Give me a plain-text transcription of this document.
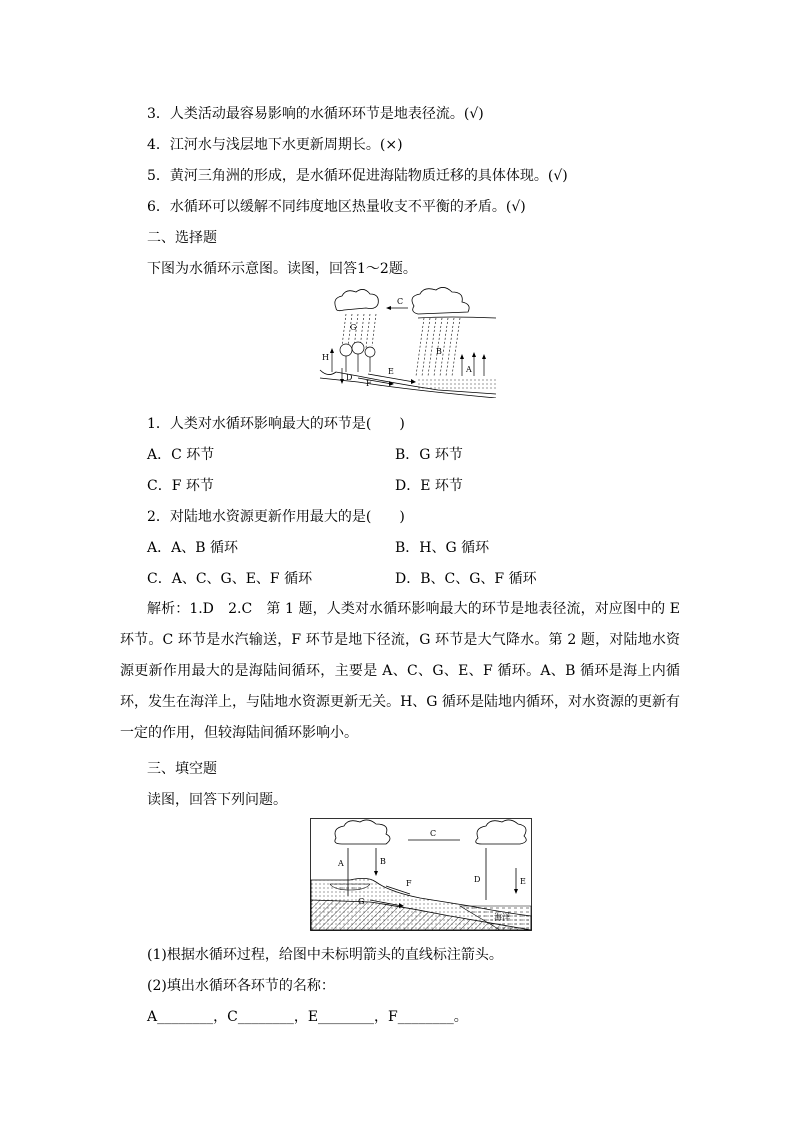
3．人类活动最容易影响的水循环环节是地表径流。(√)
4．江河水与浅层地下水更新周期长。(×)
5．黄河三角洲的形成，是水循环促进海陆物质迁移的具体体现。(√)
6．水循环可以缓解不同纬度地区热量收支不平衡的矛盾。(√)
二、选择题
下图为水循环示意图。读图，回答1～2题。
C
G
B
H
D
E
F
A
1．人类对水循环影响最大的环节是(　　)
A．C 环节	B．G 环节
C．F 环节	D．E 环节
2．对陆地水资源更新作用最大的是(　　)
A．A、B 循环	B．H、G 循环
C．A、C、G、E、F 循环	D．B、C、G、F 循环
解析：1.D　2.C　第 1 题，人类对水循环影响最大的环节是地表径流，对应图中的 E 环节。C 环节是水汽输送，F 环节是地下径流，G 环节是大气降水。第 2 题，对陆地水资源更新作用最大的是海陆间循环，主要是 A、C、G、E、F 循环。A、B 循环是海上内循环，发生在海洋上，与陆地水资源更新无关。H、G 循环是陆地内循环，对水资源的更新有一定的作用，但较海陆间循环影响小。
三、填空题
读图，回答下列问题。
C
A	B
D	E
海洋
F
G
(1)根据水循环过程，给图中未标明箭头的直线标注箭头。
(2)填出水循环各环节的名称：
A________，C________，E________，F________。
